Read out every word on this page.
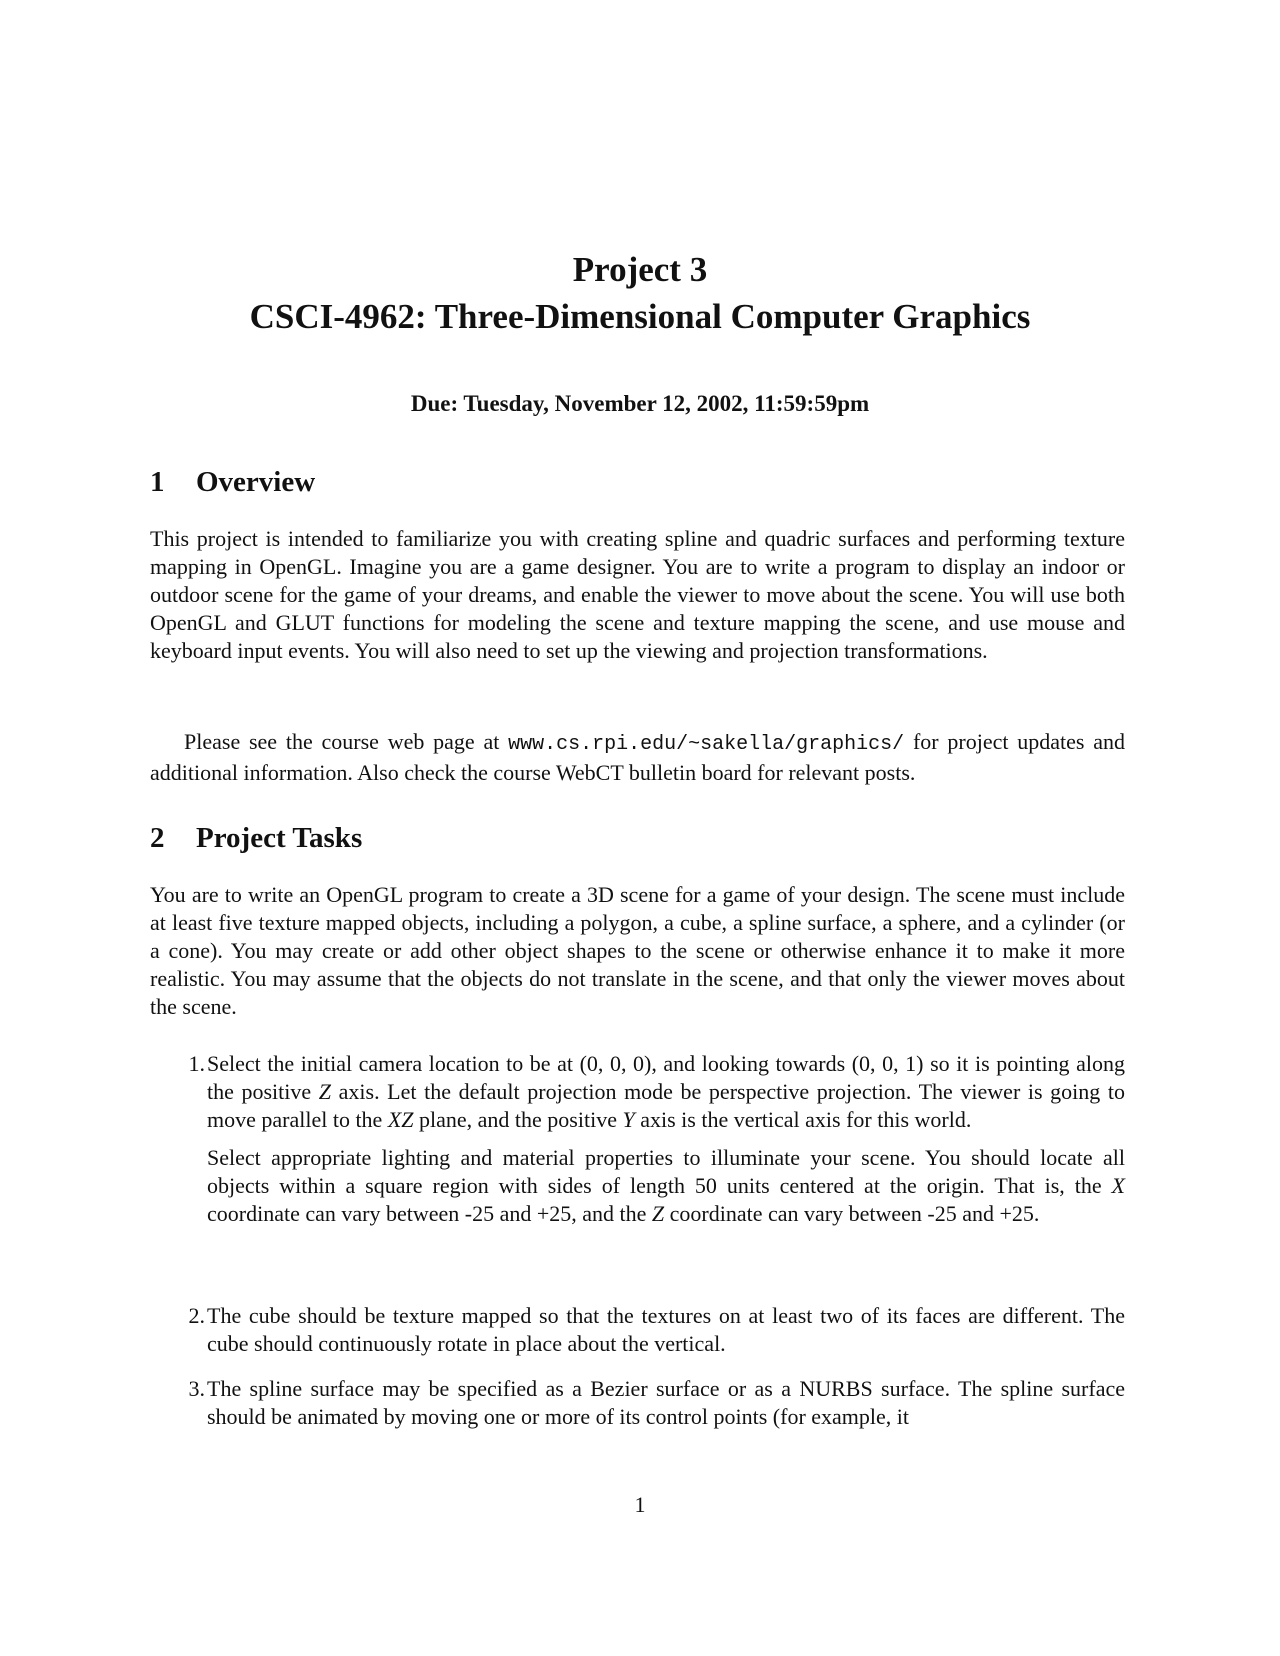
Project 3
CSCI-4962: Three-Dimensional Computer Graphics
Due: Tuesday, November 12, 2002, 11:59:59pm
1 Overview

This project is intended to familiarize you with creating spline and quadric surfaces and performing texture mapping in OpenGL. Imagine you are a game designer. You are to write a program to display an indoor or outdoor scene for the game of your dreams, and enable the viewer to move about the scene. You will use both OpenGL and GLUT functions for modeling the scene and texture mapping the scene, and use mouse and keyboard input events. You will also need to set up the viewing and projection transformations.

Please see the course web page at www.cs.rpi.edu/~sakella/graphics/ for project updates and additional information. Also check the course WebCT bulletin board for relevant posts.

2 Project Tasks

You are to write an OpenGL program to create a 3D scene for a game of your design. The scene must include at least five texture mapped objects, including a polygon, a cube, a spline surface, a sphere, and a cylinder (or a cone). You may create or add other object shapes to the scene or otherwise enhance it to make it more realistic. You may assume that the objects do not translate in the scene, and that only the viewer moves about the scene.

1. Select the initial camera location to be at (0, 0, 0), and looking towards (0, 0, 1) so it is pointing along the positive Z axis. Let the default projection mode be perspective projection. The viewer is going to move parallel to the XZ plane, and the positive Y axis is the vertical axis for this world.
Select appropriate lighting and material properties to illuminate your scene. You should locate all objects within a square region with sides of length 50 units centered at the origin. That is, the X coordinate can vary between -25 and +25, and the Z coordinate can vary between -25 and +25.
2. The cube should be texture mapped so that the textures on at least two of its faces are different. The cube should continuously rotate in place about the vertical.
3. The spline surface may be specified as a Bezier surface or as a NURBS surface. The spline surface should be animated by moving one or more of its control points (for example, it
1
